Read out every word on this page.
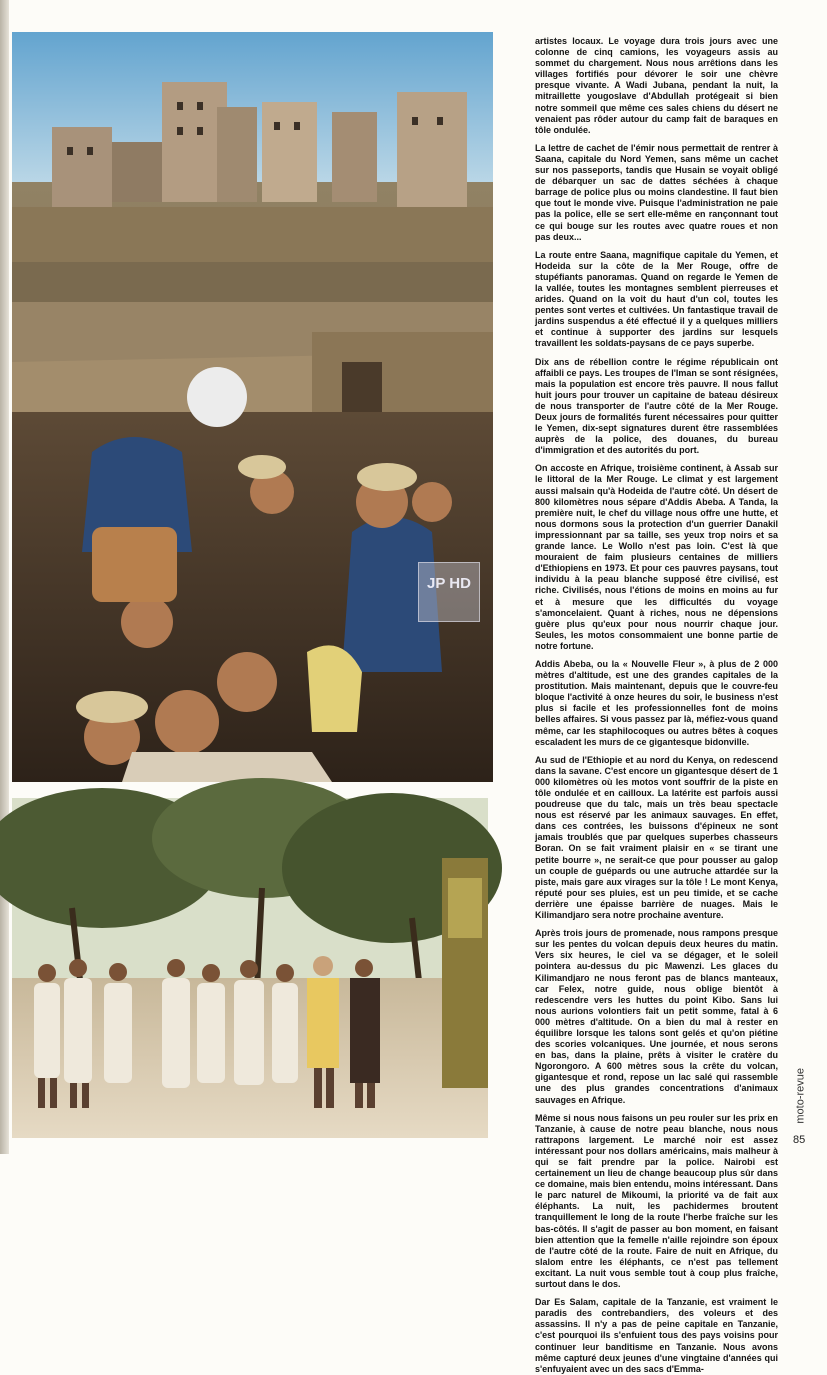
JP HD

artistes locaux. Le voyage dura trois jours avec une colonne de cinq camions, les voyageurs assis au sommet du chargement. Nous nous arrêtions dans les villages fortifiés pour dévorer le soir une chèvre presque vivante. A Wadi Jubana, pendant la nuit, la mitraillette yougoslave d'Abdullah protégeait si bien notre sommeil que même ces sales chiens du désert ne venaient pas rôder autour du camp fait de baraques en tôle ondulée.

La lettre de cachet de l'émir nous permettait de rentrer à Saana, capitale du Nord Yemen, sans même un cachet sur nos passeports, tandis que Husain se voyait obligé de débarquer un sac de dattes séchées à chaque barrage de police plus ou moins clandestine. Il faut bien que tout le monde vive. Puisque l'administration ne paie pas la police, elle se sert elle-même en rançonnant tout ce qui bouge sur les routes avec quatre roues et non pas deux...

La route entre Saana, magnifique capitale du Yemen, et Hodeida sur la côte de la Mer Rouge, offre de stupéfiants panoramas. Quand on regarde le Yemen de la vallée, toutes les montagnes semblent pierreuses et arides. Quand on la voit du haut d'un col, toutes les pentes sont vertes et cultivées. Un fantastique travail de jardins suspendus a été effectué il y a quelques milliers et continue à supporter des jardins sur lesquels travaillent les soldats-paysans de ce pays superbe.

Dix ans de rébellion contre le régime républicain ont affaibli ce pays. Les troupes de l'Iman se sont résignées, mais la population est encore très pauvre. Il nous fallut huit jours pour trouver un capitaine de bateau désireux de nous transporter de l'autre côté de la Mer Rouge. Deux jours de formalités furent nécessaires pour quitter le Yemen, dix-sept signatures durent être rassemblées auprès de la police, des douanes, du bureau d'immigration et des autorités du port.

On accoste en Afrique, troisième continent, à Assab sur le littoral de la Mer Rouge. Le climat y est largement aussi malsain qu'à Hodeida de l'autre côté. Un désert de 800 kilomètres nous sépare d'Addis Abeba. A Tanda, la première nuit, le chef du village nous offre une hutte, et nous dormons sous la protection d'un guerrier Danakil impressionnant par sa taille, ses yeux trop noirs et sa grande lance. Le Wollo n'est pas loin. C'est là que mouraient de faim plusieurs centaines de milliers d'Ethiopiens en 1973. Et pour ces pauvres paysans, tout individu à la peau blanche supposé être civilisé, est riche. Civilisés, nous l'étions de moins en moins au fur et à mesure que les difficultés du voyage s'amoncelaient. Quant à riches, nous ne dépensions guère plus qu'eux pour nous nourrir chaque jour. Seules, les motos consommaient une bonne partie de notre fortune.

Addis Abeba, ou la « Nouvelle Fleur », à plus de 2 000 mètres d'altitude, est une des grandes capitales de la prostitution. Mais maintenant, depuis que le couvre-feu bloque l'activité à onze heures du soir, le business n'est plus si facile et les professionnelles font de moins belles affaires. Si vous passez par là, méfiez-vous quand même, car les staphilocoques ou autres bêtes à coques escaladent les murs de ce gigantesque bidonville.

Au sud de l'Ethiopie et au nord du Kenya, on redescend dans la savane. C'est encore un gigantesque désert de 1 000 kilomètres où les motos vont souffrir de la piste en tôle ondulée et en cailloux. La latérite est parfois aussi poudreuse que du talc, mais un très beau spectacle nous est réservé par les animaux sauvages. En effet, dans ces contrées, les buissons d'épineux ne sont jamais troublés que par quelques superbes chasseurs Boran. On se fait vraiment plaisir en « se tirant une petite bourre », ne serait-ce que pour pousser au galop un couple de guépards ou une autruche attardée sur la piste, mais gare aux virages sur la tôle ! Le mont Kenya, réputé pour ses pluies, est un peu timide, et se cache derrière une épaisse barrière de nuages. Mais le Kilimandjaro sera notre prochaine aventure.

Après trois jours de promenade, nous rampons presque sur les pentes du volcan depuis deux heures du matin. Vers six heures, le ciel va se dégager, et le soleil pointera au-dessus du pic Mawenzi. Les glaces du Kilimandjaro ne nous feront pas de blancs manteaux, car Felex, notre guide, nous oblige bientôt à redescendre vers les huttes du point Kibo. Sans lui nous aurions volontiers fait un petit somme, fatal à 6 000 mètres d'altitude. On a bien du mal à rester en équilibre lorsque les talons sont gelés et qu'on piétine des scories volcaniques. Une journée, et nous serons en bas, dans la plaine, prêts à visiter le cratère du Ngorongoro. A 600 mètres sous la crête du volcan, gigantesque et rond, repose un lac salé qui rassemble une des plus grandes concentrations d'animaux sauvages en Afrique.

Même si nous nous faisons un peu rouler sur les prix en Tanzanie, à cause de notre peau blanche, nous nous rattrapons largement. Le marché noir est assez intéressant pour nos dollars américains, mais malheur à qui se fait prendre par la police. Nairobi est certainement un lieu de change beaucoup plus sûr dans ce domaine, mais bien entendu, moins intéressant. Dans le parc naturel de Mikoumi, la priorité va de fait aux éléphants. La nuit, les pachidermes broutent tranquillement le long de la route l'herbe fraîche sur les bas-côtés. Il s'agit de passer au bon moment, en faisant bien attention que la femelle n'aille rejoindre son époux de l'autre côté de la route. Faire de nuit en Afrique, du slalom entre les éléphants, ce n'est pas tellement excitant. La nuit vous semble tout à coup plus fraîche, surtout dans le dos.

Dar Es Salam, capitale de la Tanzanie, est vraiment le paradis des contrebandiers, des voleurs et des assassins. Il n'y a pas de peine capitale en Tanzanie, c'est pourquoi ils s'enfuient tous des pays voisins pour continuer leur banditisme en Tanzanie. Nous avons même capturé deux jeunes d'une vingtaine d'années qui s'enfuyaient avec un des sacs d'Emma-

moto-revue
85
